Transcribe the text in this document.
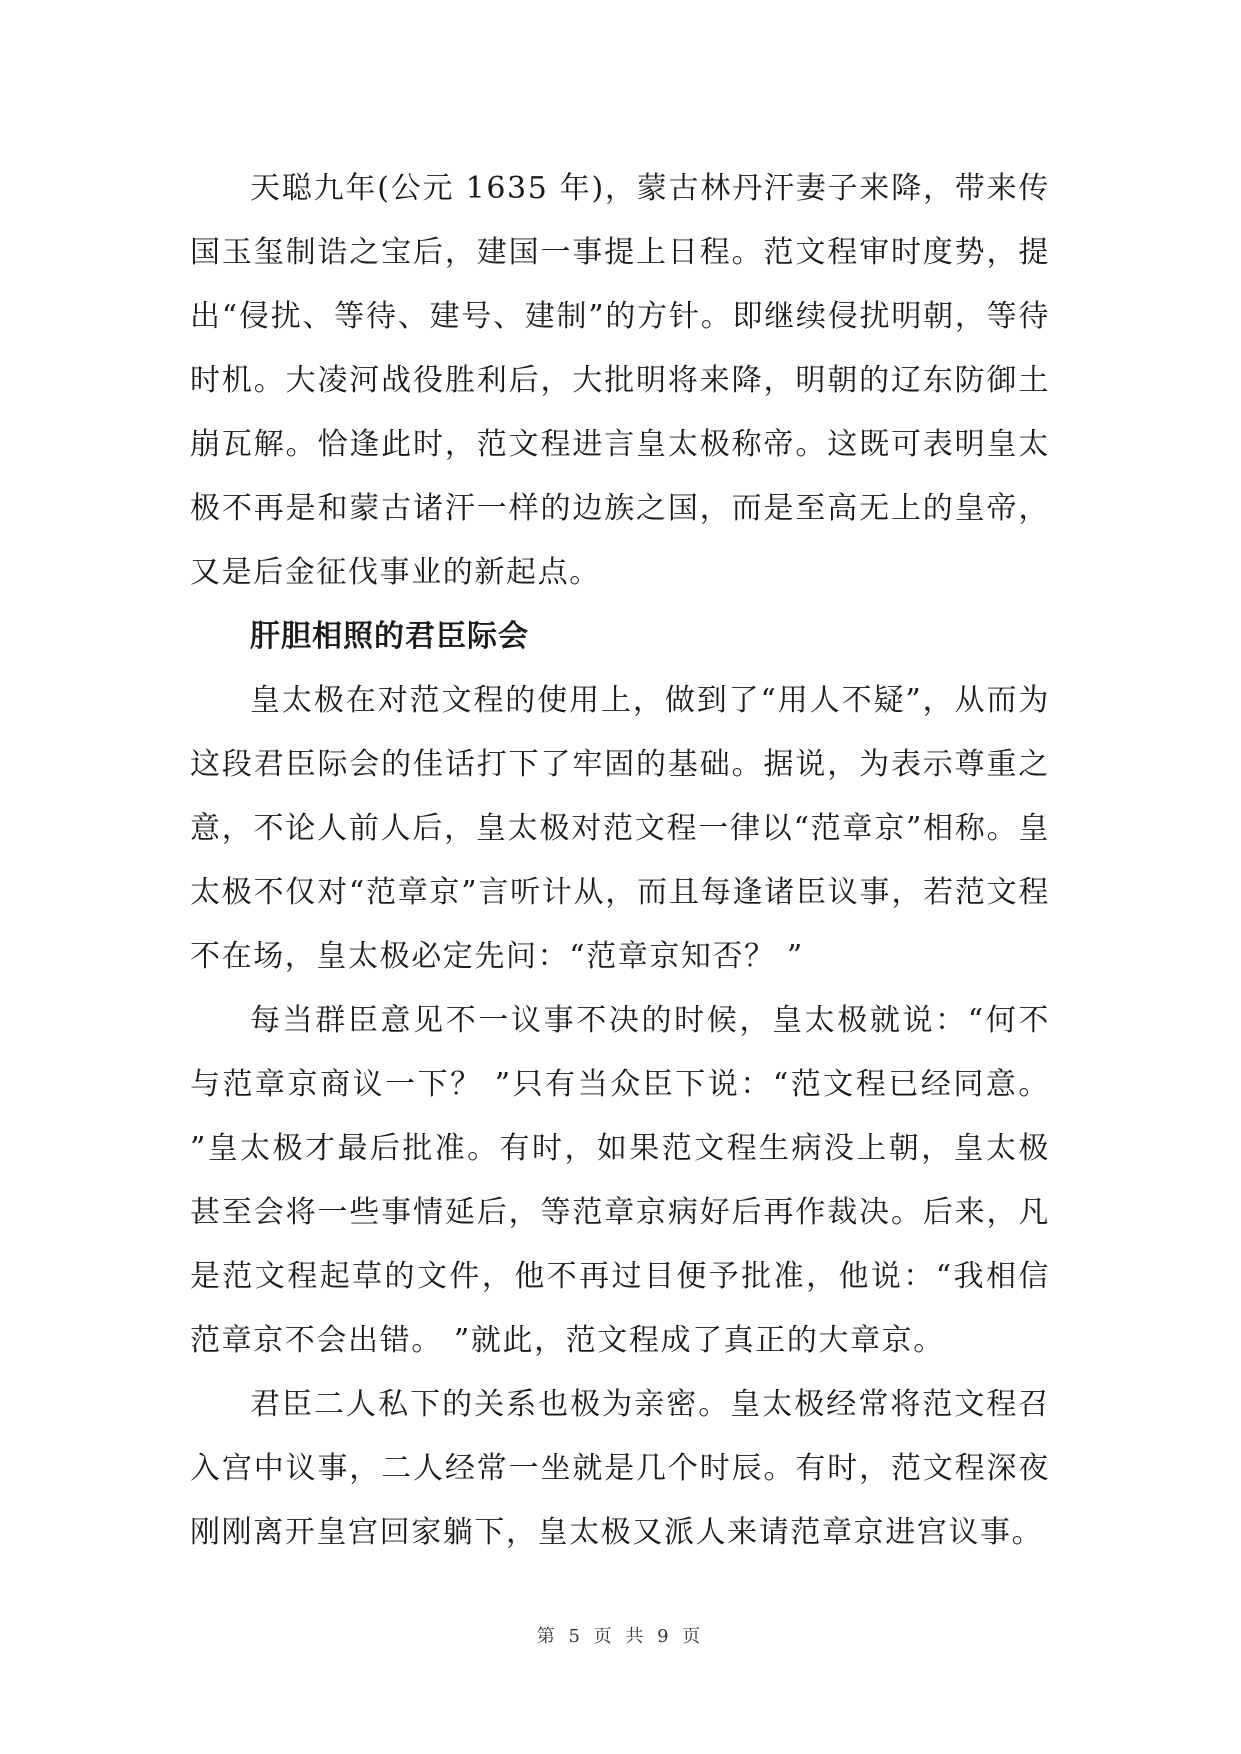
天聪九年(公元 1635 年)，蒙古林丹汗妻子来降，带来传国玉玺制诰之宝后，建国一事提上日程。范文程审时度势，提出“侵扰、等待、建号、建制”的方针。即继续侵扰明朝，等待时机。大凌河战役胜利后，大批明将来降，明朝的辽东防御土崩瓦解。恰逢此时，范文程进言皇太极称帝。这既可表明皇太极不再是和蒙古诸汗一样的边族之国，而是至高无上的皇帝，又是后金征伐事业的新起点。

肝胆相照的君臣际会

皇太极在对范文程的使用上，做到了“用人不疑”，从而为这段君臣际会的佳话打下了牢固的基础。据说，为表示尊重之意，不论人前人后，皇太极对范文程一律以“范章京”相称。皇太极不仅对“范章京”言听计从，而且每逢诸臣议事，若范文程不在场，皇太极必定先问：“范章京知否？ ”

每当群臣意见不一议事不决的时候，皇太极就说：“何不与范章京商议一下？ ”只有当众臣下说：“范文程已经同意。 ”皇太极才最后批准。有时，如果范文程生病没上朝，皇太极甚至会将一些事情延后，等范章京病好后再作裁决。后来，凡是范文程起草的文件，他不再过目便予批准，他说：“我相信范章京不会出错。 ”就此，范文程成了真正的大章京。

君臣二人私下的关系也极为亲密。皇太极经常将范文程召入宫中议事，二人经常一坐就是几个时辰。有时，范文程深夜刚刚离开皇宫回家躺下，皇太极又派人来请范章京进宫议事。

第 5 页 共 9 页
